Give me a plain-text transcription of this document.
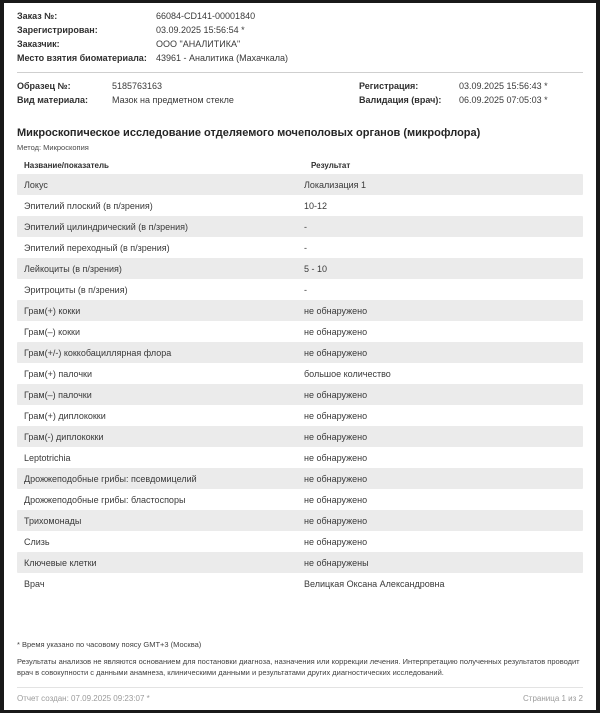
Заказ №:	66084-CD141-00001840
Зарегистрирован:	03.09.2025 15:56:54 *
Заказчик:	ООО "АНАЛИТИКА"
Место взятия биоматериала:	43961 - Аналитика (Махачкала)
Образец №:	5185763163
Вид материала:	Мазок на предметном стекле
Регистрация:	03.09.2025 15:56:43 *
Валидация (врач):	06.09.2025 07:05:03 *
Микроскопическое исследование отделяемого мочеполовых органов (микрофлора)
Метод: Микроскопия
Название/показатель	Результат
Локус	Локализация 1
Эпителий плоский (в п/зрения)	10-12
Эпителий цилиндрический (в п/зрения)	-
Эпителий переходный (в п/зрения)	-
Лейкоциты (в п/зрения)	5 - 10
Эритроциты (в п/зрения)	-
Грам(+) кокки	не обнаружено
Грам(–) кокки	не обнаружено
Грам(+/-) коккобациллярная флора	не обнаружено
Грам(+) палочки	большое количество
Грам(–) палочки	не обнаружено
Грам(+) диплококки	не обнаружено
Грам(-) диплококки	не обнаружено
Leptotrichia	не обнаружено
Дрожжеподобные грибы: псевдомицелий	не обнаружено
Дрожжеподобные грибы: бластоспоры	не обнаружено
Трихомонады	не обнаружено
Слизь	не обнаружено
Ключевые клетки	не обнаружены
Врач	Велицкая Оксана Александровна

* Время указано по часовому поясу GMT+3 (Москва)

Результаты анализов не являются основанием для постановки диагноза, назначения или коррекции лечения. Интерпретацию полученных результатов проводит врач в совокупности с данными анамнеза, клиническими данными и результатами других диагностических исследований.

Отчет создан: 07.09.2025 09:23:07 *	Страница 1 из 2
